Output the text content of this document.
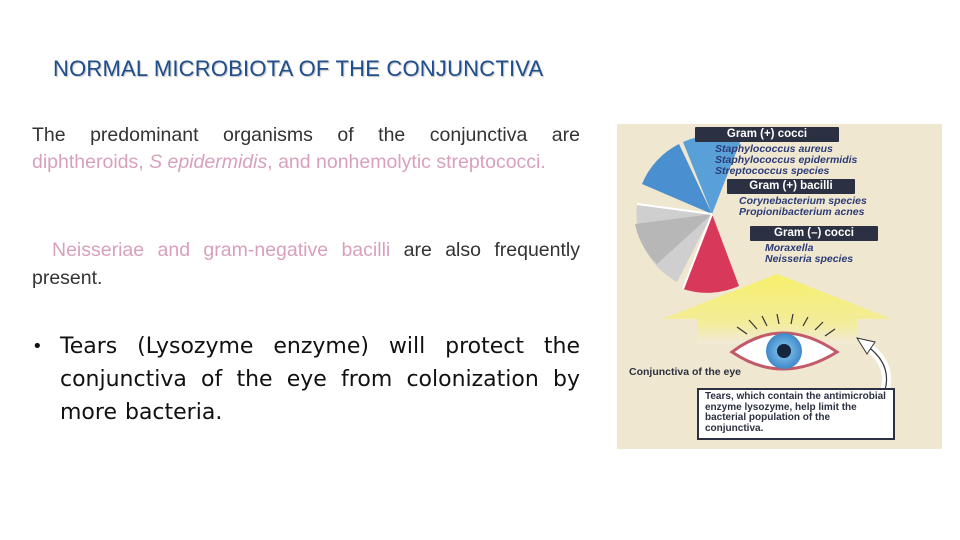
NORMAL MICROBIOTA OF THE CONJUNCTIVA
The predominant organisms of the conjunctiva are diphtheroids, S epidermidis, and nonhemolytic streptococci.
Neisseriae and gram-negative bacilli are also frequently present.
• Tears (Lysozyme enzyme) will protect the conjunctiva of the eye from colonization by more bacteria.
Gram (+) cocci
Staphylococcus aureus
Staphylococcus epidermidis
Streptococcus species
Gram (+) bacilli
Corynebacterium species
Propionibacterium acnes
Gram (–) cocci
Moraxella
Neisseria species
Conjunctiva of the eye
Tears, which contain the antimicrobial enzyme lysozyme, help limit the bacterial population of the conjunctiva.
